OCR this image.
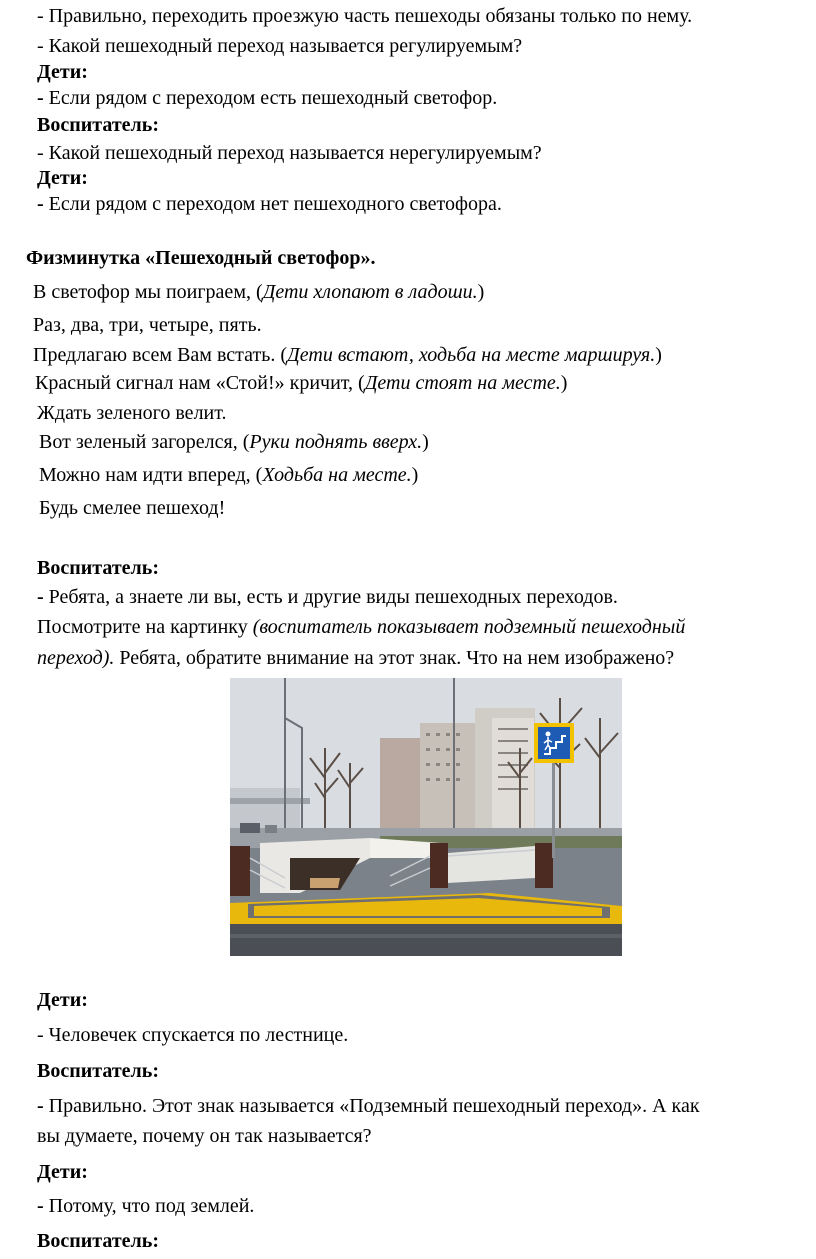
- Правильно, переходить проезжую часть пешеходы обязаны только по нему.
- Какой пешеходный переход называется регулируемым?
Дети:
- Если рядом с переходом есть пешеходный светофор.
Воспитатель:
- Какой пешеходный переход называется нерегулируемым?
Дети:
- Если рядом с переходом нет пешеходного светофора.
Физминутка «Пешеходный светофор».
В светофор мы поиграем, (Дети хлопают в ладоши.)
Раз, два, три, четыре, пять.
Предлагаю всем Вам встать. (Дети встают, ходьба на месте маршируя.)
Красный сигнал нам «Стой!» кричит, (Дети стоят на месте.)
Ждать зеленого велит.
Вот зеленый загорелся, (Руки поднять вверх.)
Можно нам идти вперед, (Ходьба на месте.)
Будь смелее пешеход!
Воспитатель:
- Ребята, а знаете ли вы, есть и другие виды пешеходных переходов.
Посмотрите на картинку (воспитатель показывает подземный пешеходный
переход). Ребята, обратите внимание на этот знак. Что на нем изображено?
Дети:
- Человечек спускается по лестнице.
Воспитатель:
- Правильно. Этот знак называется «Подземный пешеходный переход». А как
вы думаете, почему он так называется?
Дети:
- Потому, что под землей.
Воспитатель:
